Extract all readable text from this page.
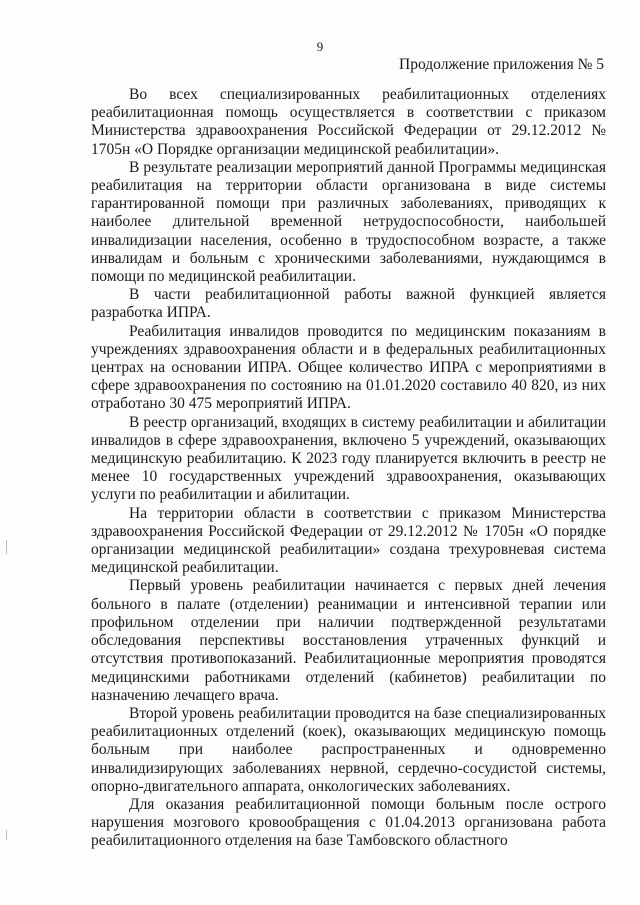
9
Продолжение приложения № 5

Во всех специализированных реабилитационных отделениях реабилитационная помощь осуществляется в соответствии с приказом Министерства здравоохранения Российской Федерации от 29.12.2012 № 1705н «О Порядке организации медицинской реабилитации».

В результате реализации мероприятий данной Программы медицинская реабилитация на территории области организована в виде системы гарантированной помощи при различных заболеваниях, приводящих к наиболее длительной временной нетрудоспособности, наибольшей инвалидизации населения, особенно в трудоспособном возрасте, а также инвалидам и больным с хроническими заболеваниями, нуждающимся в помощи по медицинской реабилитации.

В части реабилитационной работы важной функцией является разработка ИПРА.

Реабилитация инвалидов проводится по медицинским показаниям в учреждениях здравоохранения области и в федеральных реабилитационных центрах на основании ИПРА. Общее количество ИПРА с мероприятиями в сфере здравоохранения по состоянию на 01.01.2020 составило 40 820, из них отработано 30 475 мероприятий ИПРА.

В реестр организаций, входящих в систему реабилитации и абилитации инвалидов в сфере здравоохранения, включено 5 учреждений, оказывающих медицинскую реабилитацию. К 2023 году планируется включить в реестр не менее 10 государственных учреждений здравоохранения, оказывающих услуги по реабилитации и абилитации.

На территории области в соответствии с приказом Министерства здравоохранения Российской Федерации от 29.12.2012 № 1705н «О порядке организации медицинской реабилитации» создана трехуровневая система медицинской реабилитации.

Первый уровень реабилитации начинается с первых дней лечения больного в палате (отделении) реанимации и интенсивной терапии или профильном отделении при наличии подтвержденной результатами обследования перспективы восстановления утраченных функций и отсутствия противопоказаний. Реабилитационные мероприятия проводятся медицинскими работниками отделений (кабинетов) реабилитации по назначению лечащего врача.

Второй уровень реабилитации проводится на базе специализированных реабилитационных отделений (коек), оказывающих медицинскую помощь больным при наиболее распространенных и одновременно инвалидизирующих заболеваниях нервной, сердечно-сосудистой системы, опорно-двигательного аппарата, онкологических заболеваниях.

Для оказания реабилитационной помощи больным после острого нарушения мозгового кровообращения с 01.04.2013 организована работа реабилитационного отделения на базе Тамбовского областного
